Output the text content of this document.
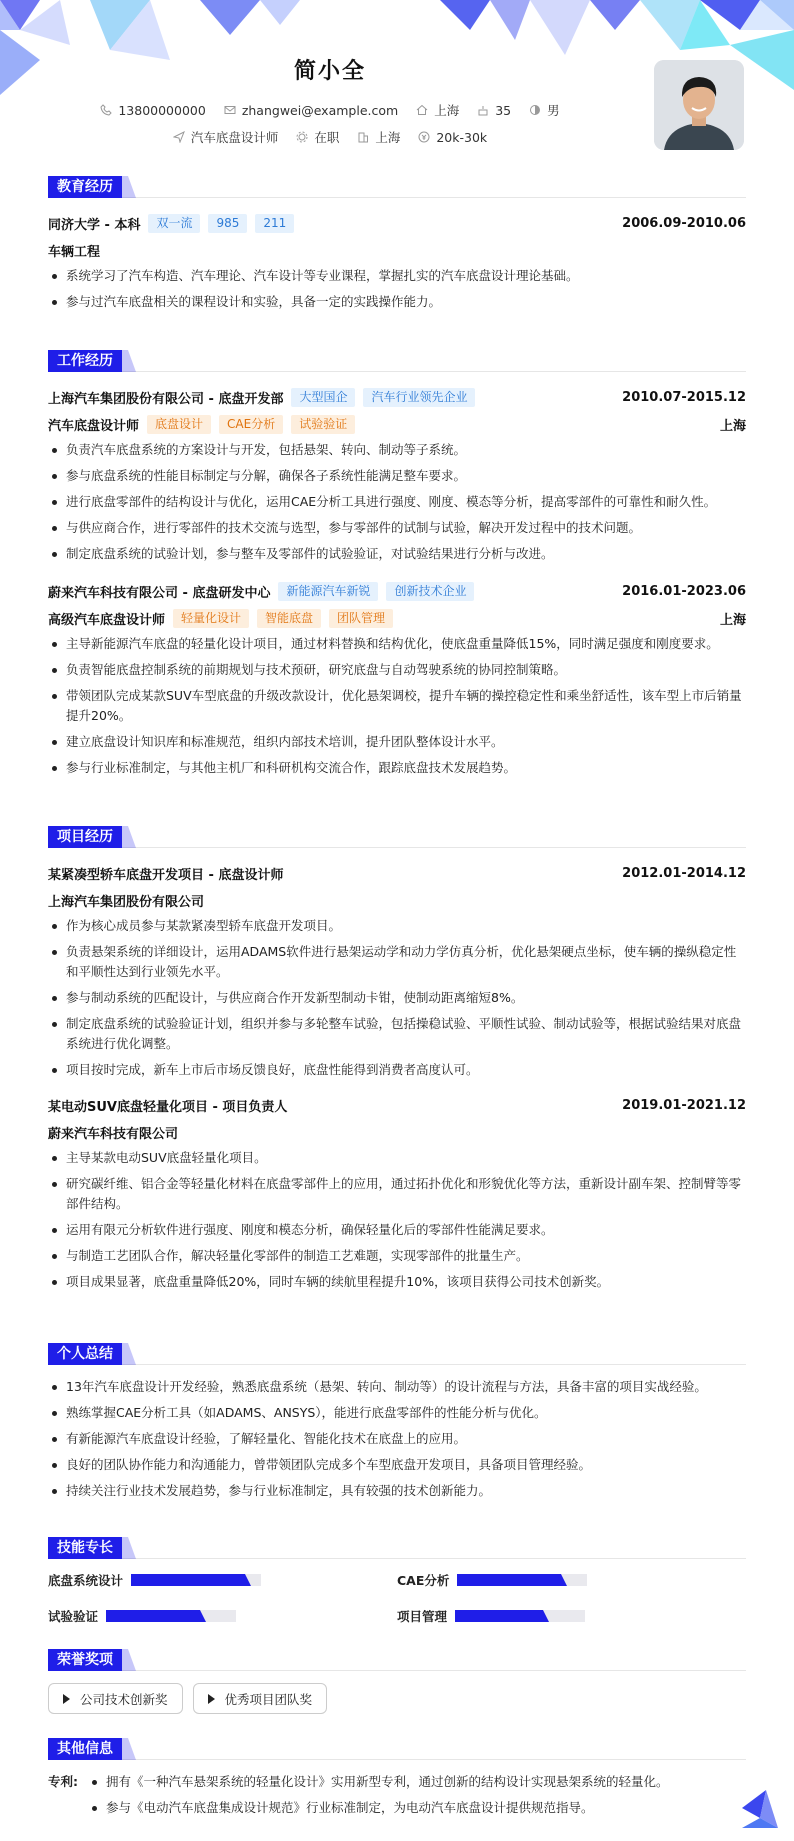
简小全
13800000000	zhangwei@example.com	上海	35	男
汽车底盘设计师	在职	上海	20k-30k
教育经历
同济大学 - 本科	双一流	985	211	2006.09-2010.06
车辆工程
系统学习了汽车构造、汽车理论、汽车设计等专业课程，掌握扎实的汽车底盘设计理论基础。
参与过汽车底盘相关的课程设计和实验，具备一定的实践操作能力。
工作经历
上海汽车集团股份有限公司 - 底盘开发部	大型国企	汽车行业领先企业	2010.07-2015.12
汽车底盘设计师	底盘设计	CAE分析	试验验证	上海
负责汽车底盘系统的方案设计与开发，包括悬架、转向、制动等子系统。
参与底盘系统的性能目标制定与分解，确保各子系统性能满足整车要求。
进行底盘零部件的结构设计与优化，运用CAE分析工具进行强度、刚度、模态等分析，提高零部件的可靠性和耐久性。
与供应商合作，进行零部件的技术交流与选型，参与零部件的试制与试验，解决开发过程中的技术问题。
制定底盘系统的试验计划，参与整车及零部件的试验验证，对试验结果进行分析与改进。
蔚来汽车科技有限公司 - 底盘研发中心	新能源汽车新锐	创新技术企业	2016.01-2023.06
高级汽车底盘设计师	轻量化设计	智能底盘	团队管理	上海
主导新能源汽车底盘的轻量化设计项目，通过材料替换和结构优化，使底盘重量降低15%，同时满足强度和刚度要求。
负责智能底盘控制系统的前期规划与技术预研，研究底盘与自动驾驶系统的协同控制策略。
带领团队完成某款SUV车型底盘的升级改款设计，优化悬架调校，提升车辆的操控稳定性和乘坐舒适性，该车型上市后销量提升20%。
建立底盘设计知识库和标准规范，组织内部技术培训，提升团队整体设计水平。
参与行业标准制定，与其他主机厂和科研机构交流合作，跟踪底盘技术发展趋势。
项目经历
某紧凑型轿车底盘开发项目 - 底盘设计师	2012.01-2014.12
上海汽车集团股份有限公司
作为核心成员参与某款紧凑型轿车底盘开发项目。
负责悬架系统的详细设计，运用ADAMS软件进行悬架运动学和动力学仿真分析，优化悬架硬点坐标，使车辆的操纵稳定性和平顺性达到行业领先水平。
参与制动系统的匹配设计，与供应商合作开发新型制动卡钳，使制动距离缩短8%。
制定底盘系统的试验验证计划，组织并参与多轮整车试验，包括操稳试验、平顺性试验、制动试验等，根据试验结果对底盘系统进行优化调整。
项目按时完成，新车上市后市场反馈良好，底盘性能得到消费者高度认可。
某电动SUV底盘轻量化项目 - 项目负责人	2019.01-2021.12
蔚来汽车科技有限公司
主导某款电动SUV底盘轻量化项目。
研究碳纤维、铝合金等轻量化材料在底盘零部件上的应用，通过拓扑优化和形貌优化等方法，重新设计副车架、控制臂等零部件结构。
运用有限元分析软件进行强度、刚度和模态分析，确保轻量化后的零部件性能满足要求。
与制造工艺团队合作，解决轻量化零部件的制造工艺难题，实现零部件的批量生产。
项目成果显著，底盘重量降低20%，同时车辆的续航里程提升10%，该项目获得公司技术创新奖。
个人总结
13年汽车底盘设计开发经验，熟悉底盘系统（悬架、转向、制动等）的设计流程与方法，具备丰富的项目实战经验。
熟练掌握CAE分析工具（如ADAMS、ANSYS），能进行底盘零部件的性能分析与优化。
有新能源汽车底盘设计经验，了解轻量化、智能化技术在底盘上的应用。
良好的团队协作能力和沟通能力，曾带领团队完成多个车型底盘开发项目，具备项目管理经验。
持续关注行业技术发展趋势，参与行业标准制定，具有较强的技术创新能力。
技能专长
底盘系统设计	CAE分析
试验验证	项目管理
荣誉奖项
公司技术创新奖	优秀项目团队奖
其他信息
专利:	拥有《一种汽车悬架系统的轻量化设计》实用新型专利，通过创新的结构设计实现悬架系统的轻量化。
参与《电动汽车底盘集成设计规范》行业标准制定，为电动汽车底盘设计提供规范指导。
